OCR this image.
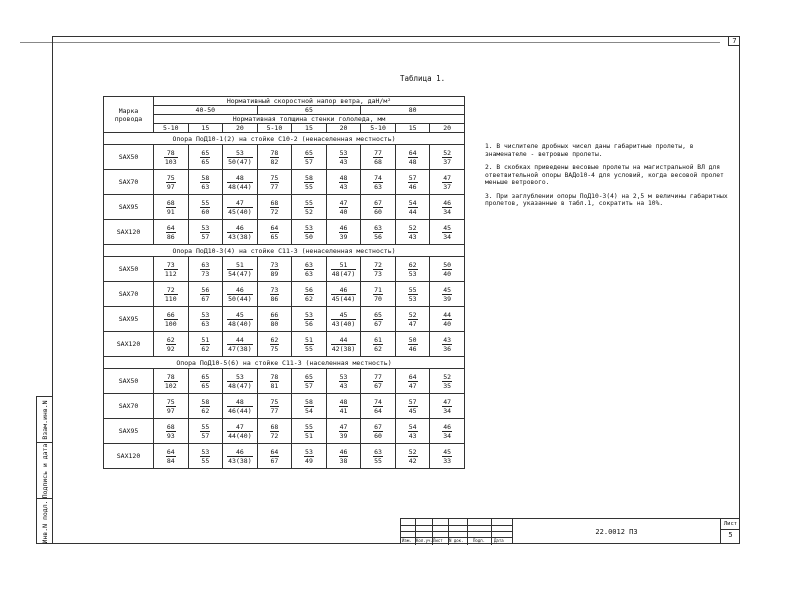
7
Взам.инв.N
Подпись и дата
Инв.N подл.
Таблица 1.
Марка провода	Нормативный скоростной напор ветра, даН/м²								
	40-50			65			80		
	Нормативная толщина стенки гололеда, мм								
	5-10	15	20	5-10	15	20	5-10	15	20
Опора ПоД10-1(2) на стойке С10-2 (ненаселенная местность)									
SAX50	$\frac{78}{103}$	$\frac{65}{65}$	$\frac{53}{50(47)}$	$\frac{78}{82}$	$\frac{65}{57}$	$\frac{53}{43}$	$\frac{77}{68}$	$\frac{64}{48}$	$\frac{52}{37}$

SAX70	$\frac{75}{97}$	$\frac{58}{63}$	$\frac{48}{48(44)}$	$\frac{75}{77}$	$\frac{58}{55}$	$\frac{48}{43}$	$\frac{74}{63}$	$\frac{57}{46}$	$\frac{47}{37}$

SAX95	$\frac{68}{91}$	$\frac{55}{60}$	$\frac{47}{45(40)}$	$\frac{68}{72}$	$\frac{55}{52}$	$\frac{47}{40}$	$\frac{67}{60}$	$\frac{54}{44}$	$\frac{46}{34}$

SAX120	$\frac{64}{86}$	$\frac{53}{57}$	$\frac{46}{43(38)}$	$\frac{64}{65}$	$\frac{53}{50}$	$\frac{46}{39}$	$\frac{63}{56}$	$\frac{52}{43}$	$\frac{45}{34}$

Опора ПоД10-3(4) на стойке С11-3 (ненаселенная местность)									
SAX50	$\frac{73}{112}$	$\frac{63}{73}$	$\frac{51}{54(47)}$	$\frac{73}{89}$	$\frac{63}{63}$	$\frac{51}{48(47)}$	$\frac{72}{73}$	$\frac{62}{53}$	$\frac{50}{40}$

SAX70	$\frac{72}{110}$	$\frac{56}{67}$	$\frac{46}{50(44)}$	$\frac{73}{86}$	$\frac{56}{62}$	$\frac{46}{45(44)}$	$\frac{71}{70}$	$\frac{55}{53}$	$\frac{45}{39}$

SAX95	$\frac{66}{100}$	$\frac{53}{63}$	$\frac{45}{48(40)}$	$\frac{66}{80}$	$\frac{53}{56}$	$\frac{45}{43(40)}$	$\frac{65}{67}$	$\frac{52}{47}$	$\frac{44}{40}$

SAX120	$\frac{62}{92}$	$\frac{51}{62}$	$\frac{44}{47(38)}$	$\frac{62}{75}$	$\frac{51}{55}$	$\frac{44}{42(38)}$	$\frac{61}{62}$	$\frac{50}{46}$	$\frac{43}{36}$

Опора ПоД10-5(6) на стойке С11-3 (населенная местность)									
SAX50	$\frac{78}{102}$	$\frac{65}{65}$	$\frac{53}{48(47)}$	$\frac{78}{81}$	$\frac{65}{57}$	$\frac{53}{43}$	$\frac{77}{67}$	$\frac{64}{47}$	$\frac{52}{35}$

SAX70	$\frac{75}{97}$	$\frac{58}{62}$	$\frac{48}{46(44)}$	$\frac{75}{77}$	$\frac{58}{54}$	$\frac{48}{41}$	$\frac{74}{64}$	$\frac{57}{45}$	$\frac{47}{34}$

SAX95	$\frac{68}{93}$	$\frac{55}{57}$	$\frac{47}{44(40)}$	$\frac{68}{72}$	$\frac{55}{51}$	$\frac{47}{39}$	$\frac{67}{60}$	$\frac{54}{43}$	$\frac{46}{34}$

SAX120	$\frac{64}{84}$	$\frac{53}{55}$	$\frac{46}{43(38)}$	$\frac{64}{67}$	$\frac{53}{49}$	$\frac{46}{38}$	$\frac{63}{55}$	$\frac{52}{42}$	$\frac{45}{33}$

1. В числителе дробных чисел даны габаритные пролеты, в знаменателе - ветровые пролеты.

2. В скобках приведены весовые пролеты на магистральной ВЛ для ответвительной опоры ВАДо10-4 для условий, когда весовой пролет меньше ветрового.

3. При заглублении опоры ПоД10-3(4) на 2,5 м величины габаритных пролетов, указанные в табл.1, сократить на 10%.

Изм. Кол.уч. Лист N док. Подп. Дата
22.0012 ПЗ
Лист
5
